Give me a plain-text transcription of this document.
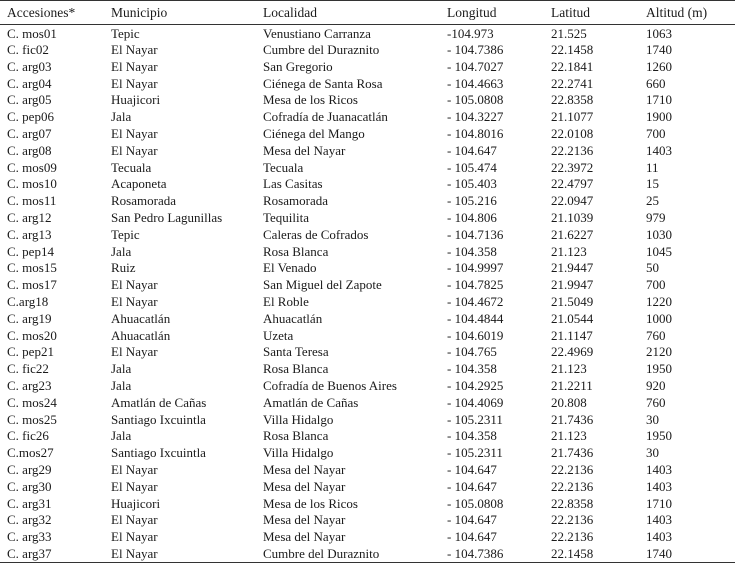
Accesiones*	Municipio	Localidad	Longitud	Latitud	Altitud (m)
C. mos01	Tepic	Venustiano Carranza	-104.973	21.525	1063
C. fic02	El Nayar	Cumbre del Duraznito	- 104.7386	22.1458	1740
C. arg03	El Nayar	San Gregorio	- 104.7027	22.1841	1260
C. arg04	El Nayar	Ciénega de Santa Rosa	- 104.4663	22.2741	660
C. arg05	Huajicori	Mesa de los Ricos	- 105.0808	22.8358	1710
C. pep06	Jala	Cofradía de Juanacatlán	- 104.3227	21.1077	1900
C. arg07	El Nayar	Ciénega del Mango	- 104.8016	22.0108	700
C. arg08	El Nayar	Mesa del Nayar	- 104.647	22.2136	1403
C. mos09	Tecuala	Tecuala	- 105.474	22.3972	11
C. mos10	Acaponeta	Las Casitas	- 105.403	22.4797	15
C. mos11	Rosamorada	Rosamorada	- 105.216	22.0947	25
C. arg12	San Pedro Lagunillas	Tequilita	- 104.806	21.1039	979
C. arg13	Tepic	Caleras de Cofrados	- 104.7136	21.6227	1030
C. pep14	Jala	Rosa Blanca	- 104.358	21.123	1045
C. mos15	Ruiz	El Venado	- 104.9997	21.9447	50
C. mos17	El Nayar	San Miguel del Zapote	- 104.7825	21.9947	700
C.arg18	El Nayar	El Roble	- 104.4672	21.5049	1220
C. arg19	Ahuacatlán	Ahuacatlán	- 104.4844	21.0544	1000
C. mos20	Ahuacatlán	Uzeta	- 104.6019	21.1147	760
C. pep21	El Nayar	Santa Teresa	- 104.765	22.4969	2120
C. fic22	Jala	Rosa Blanca	- 104.358	21.123	1950
C. arg23	Jala	Cofradía de Buenos Aires	- 104.2925	21.2211	920
C. mos24	Amatlán de Cañas	Amatlán de Cañas	- 104.4069	20.808	760
C. mos25	Santiago Ixcuintla	Villa Hidalgo	- 105.2311	21.7436	30
C. fic26	Jala	Rosa Blanca	- 104.358	21.123	1950
C.mos27	Santiago Ixcuintla	Villa Hidalgo	- 105.2311	21.7436	30
C. arg29	El Nayar	Mesa del Nayar	- 104.647	22.2136	1403
C. arg30	El Nayar	Mesa del Nayar	- 104.647	22.2136	1403
C. arg31	Huajicori	Mesa de los Ricos	- 105.0808	22.8358	1710
C. arg32	El Nayar	Mesa del Nayar	- 104.647	22.2136	1403
C. arg33	El Nayar	Mesa del Nayar	- 104.647	22.2136	1403
C. arg37	El Nayar	Cumbre del Duraznito	- 104.7386	22.1458	1740
